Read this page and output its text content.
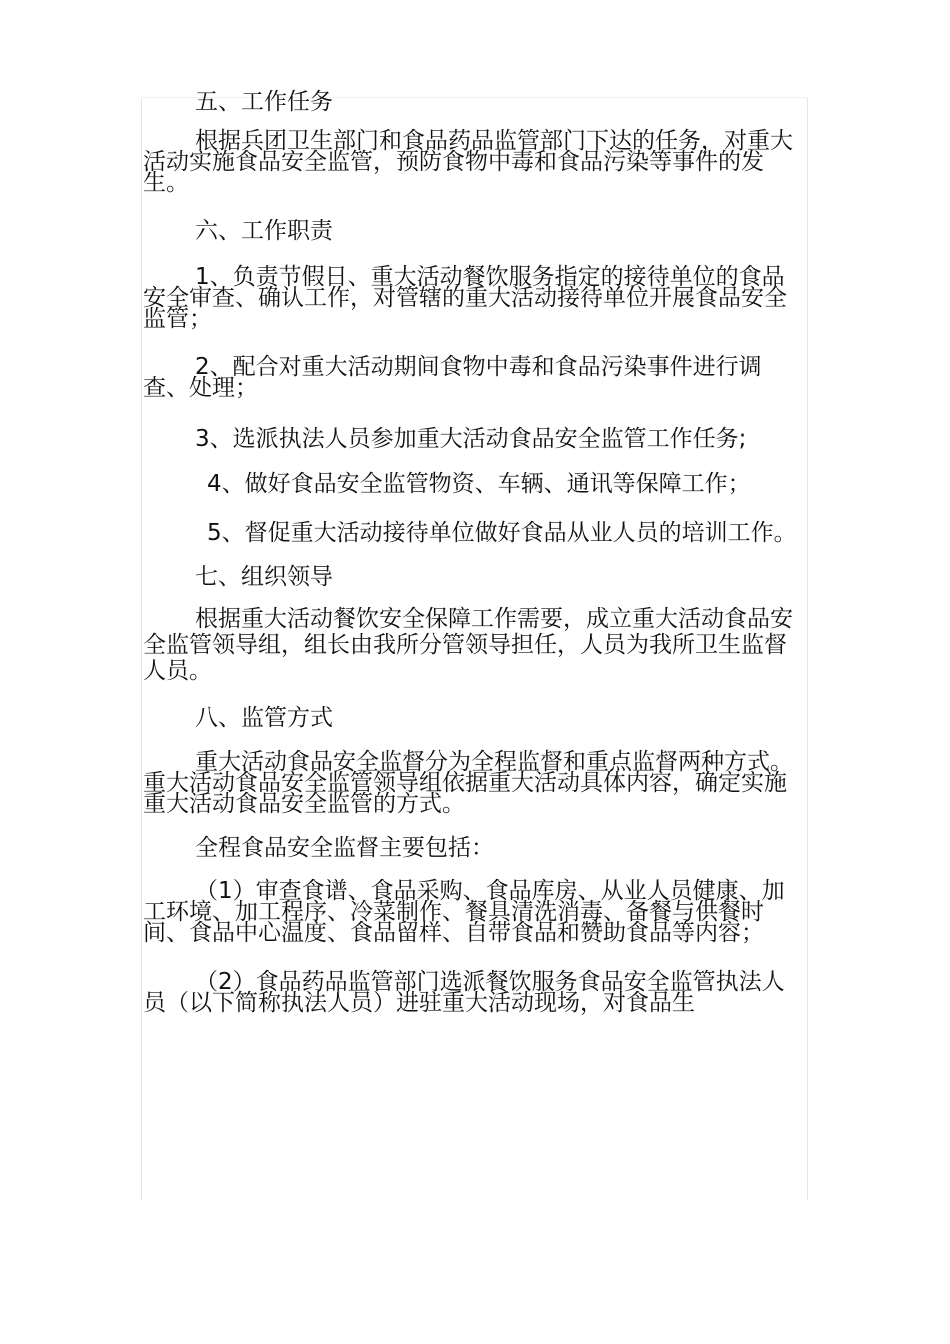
五、工作任务

根据兵团卫生部门和食品药品监管部门下达的任务，对重大活动实施食品安全监管，预防食物中毒和食品污染等事件的发生。

六、工作职责

1、负责节假日、重大活动餐饮服务指定的接待单位的食品安全审查、确认工作，对管辖的重大活动接待单位开展食品安全监管；

2、配合对重大活动期间食物中毒和食品污染事件进行调查、处理；

3、选派执法人员参加重大活动食品安全监管工作任务;

4、做好食品安全监管物资、车辆、通讯等保障工作；

5、督促重大活动接待单位做好食品从业人员的培训工作。

七、组织领导

根据重大活动餐饮安全保障工作需要，成立重大活动食品安全监管领导组，组长由我所分管领导担任，人员为我所卫生监督人员。

八、监管方式

重大活动食品安全监督分为全程监督和重点监督两种方式。重大活动食品安全监管领导组依据重大活动具体内容，确定实施重大活动食品安全监管的方式。

全程食品安全监督主要包括：

（1）审查食谱、食品采购、食品库房、从业人员健康、加工环境、加工程序、冷菜制作、餐具清洗消毒、备餐与供餐时间、食品中心温度、食品留样、自带食品和赞助食品等内容；

（2）食品药品监管部门选派餐饮服务食品安全监管执法人员（以下简称执法人员）进驻重大活动现场，对食品生
